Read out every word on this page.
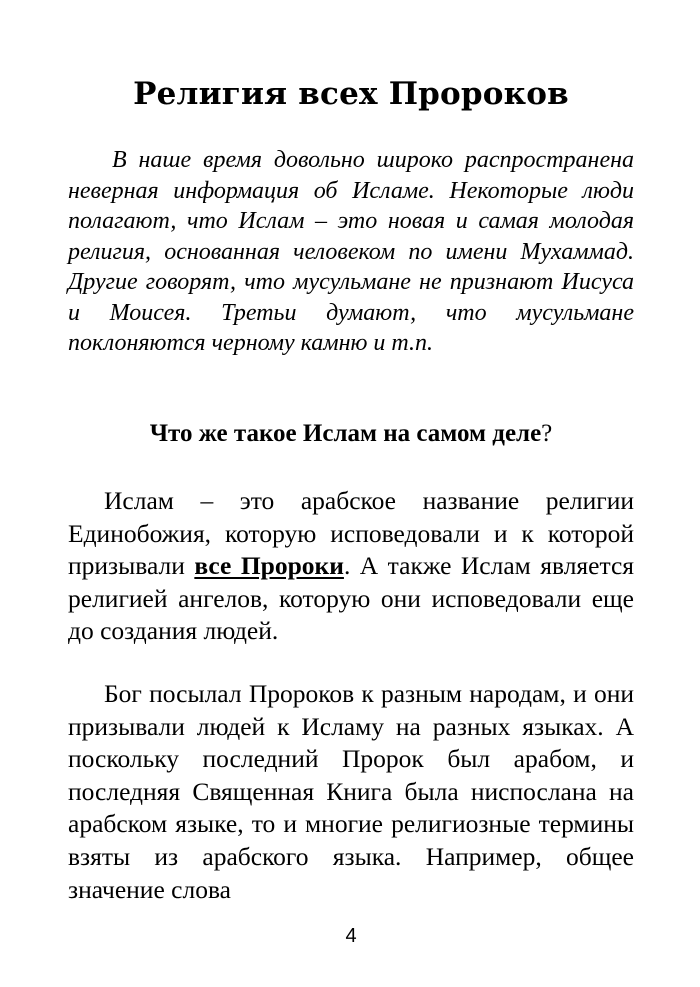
Религия всех Пророков

В наше время довольно широко распространена неверная информация об Исламе. Некоторые люди полагают, что Ислам – это новая и самая молодая религия, основанная человеком по имени Мухаммад. Другие говорят, что мусульмане не признают Иисуса и Моисея. Третьи думают, что мусульмане поклоняются черному камню и т.п.

Что же такое Ислам на самом деле?

Ислам – это арабское название религии Единобожия, которую исповедовали и к которой призывали все Пророки. А также Ислам является религией ангелов, которую они исповедовали еще до создания людей.

Бог посылал Пророков к разным народам, и они призывали людей к Исламу на разных языках. А поскольку последний Пророк был арабом, и последняя Священная Книга была ниспослана на арабском языке, то и многие религиозные термины взяты из арабского языка. Например, общее значение слова

4
